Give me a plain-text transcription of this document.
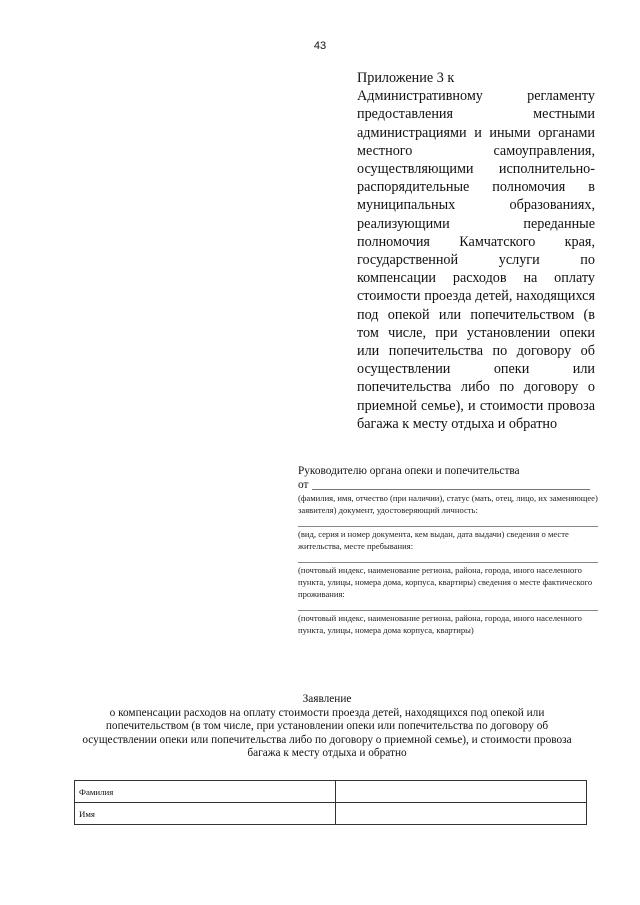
43
Приложение 3 к
Административному регламенту предоставления местными администрациями и иными органами местного самоуправления, осуществляющими исполнительно-распорядительные полномочия в муниципальных образованиях, реализующими переданные полномочия Камчатского края, государственной услуги по компенсации расходов на оплату стоимости проезда детей, находящихся под опекой или попечительством (в том числе, при установлении опеки или попечительства по договору об осуществлении опеки или попечительства либо по договору о приемной семье), и стоимости провоза багажа к месту отдыха и обратно
Руководителю органа опеки и попечительства
от
(фамилия, имя, отчество (при наличии), статус (мать, отец, лицо, их заменяющее) заявителя) документ, удостоверяющий личность:
(вид, серия и номер документа, кем выдан, дата выдачи) сведения о месте жительства, месте пребывания:
(почтовый индекс, наименование региона, района, города, иного населенного пункта, улицы, номера дома, корпуса, квартиры) сведения о месте фактического проживания:
(почтовый индекс, наименование региона, района, города, иного населенного пункта, улицы, номера дома корпуса, квартиры)
Заявление
о компенсации расходов на оплату стоимости проезда детей, находящихся под опекой или попечительством (в том числе, при установлении опеки или попечительства по договору об осуществлении опеки или попечительства либо по договору о приемной семье), и стоимости провоза багажа к месту отдыха и обратно
Фамилия	
Имя	
